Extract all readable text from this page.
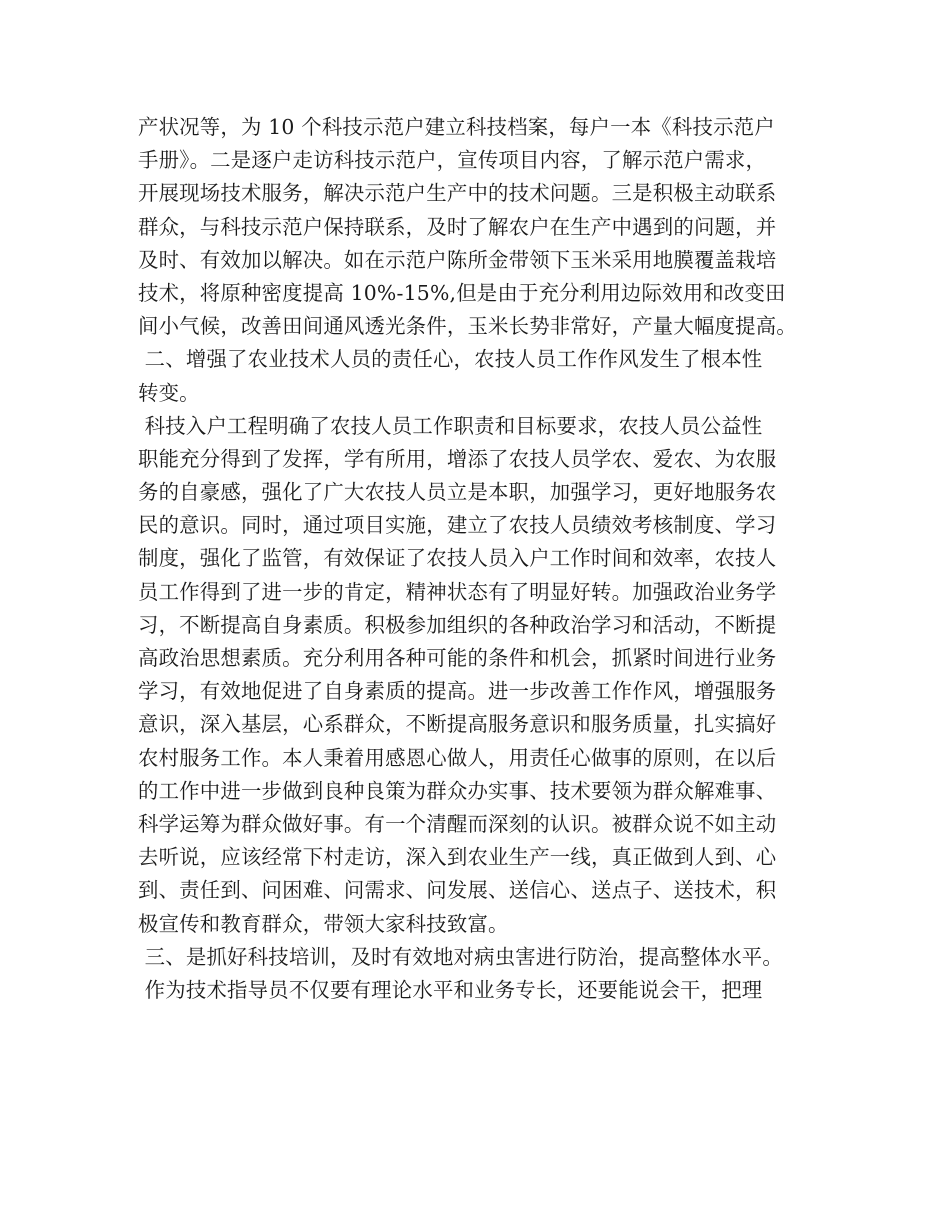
产状况等，为 10 个科技示范户建立科技档案，每户一本《科技示范户
手册》。二是逐户走访科技示范户，宣传项目内容，了解示范户需求，
开展现场技术服务，解决示范户生产中的技术问题。三是积极主动联系
群众，与科技示范户保持联系，及时了解农户在生产中遇到的问题，并
及时、有效加以解决。如在示范户陈所金带领下玉米采用地膜覆盖栽培
技术，将原种密度提高 10%-15%,但是由于充分利用边际效用和改变田
间小气候，改善田间通风透光条件，玉米长势非常好，产量大幅度提高。
二、增强了农业技术人员的责任心，农技人员工作作风发生了根本性
转变。
科技入户工程明确了农技人员工作职责和目标要求，农技人员公益性
职能充分得到了发挥，学有所用，增添了农技人员学农、爱农、为农服
务的自豪感，强化了广大农技人员立是本职，加强学习，更好地服务农
民的意识。同时，通过项目实施，建立了农技人员绩效考核制度、学习
制度，强化了监管，有效保证了农技人员入户工作时间和效率，农技人
员工作得到了进一步的肯定，精神状态有了明显好转。加强政治业务学
习，不断提高自身素质。积极参加组织的各种政治学习和活动，不断提
高政治思想素质。充分利用各种可能的条件和机会，抓紧时间进行业务
学习，有效地促进了自身素质的提高。进一步改善工作作风，增强服务
意识，深入基层，心系群众，不断提高服务意识和服务质量，扎实搞好
农村服务工作。本人秉着用感恩心做人，用责任心做事的原则，在以后
的工作中进一步做到良种良策为群众办实事、技术要领为群众解难事、
科学运筹为群众做好事。有一个清醒而深刻的认识。被群众说不如主动
去听说，应该经常下村走访，深入到农业生产一线，真正做到人到、心
到、责任到、问困难、问需求、问发展、送信心、送点子、送技术，积
极宣传和教育群众，带领大家科技致富。
三、是抓好科技培训，及时有效地对病虫害进行防治，提高整体水平。
作为技术指导员不仅要有理论水平和业务专长，还要能说会干，把理
